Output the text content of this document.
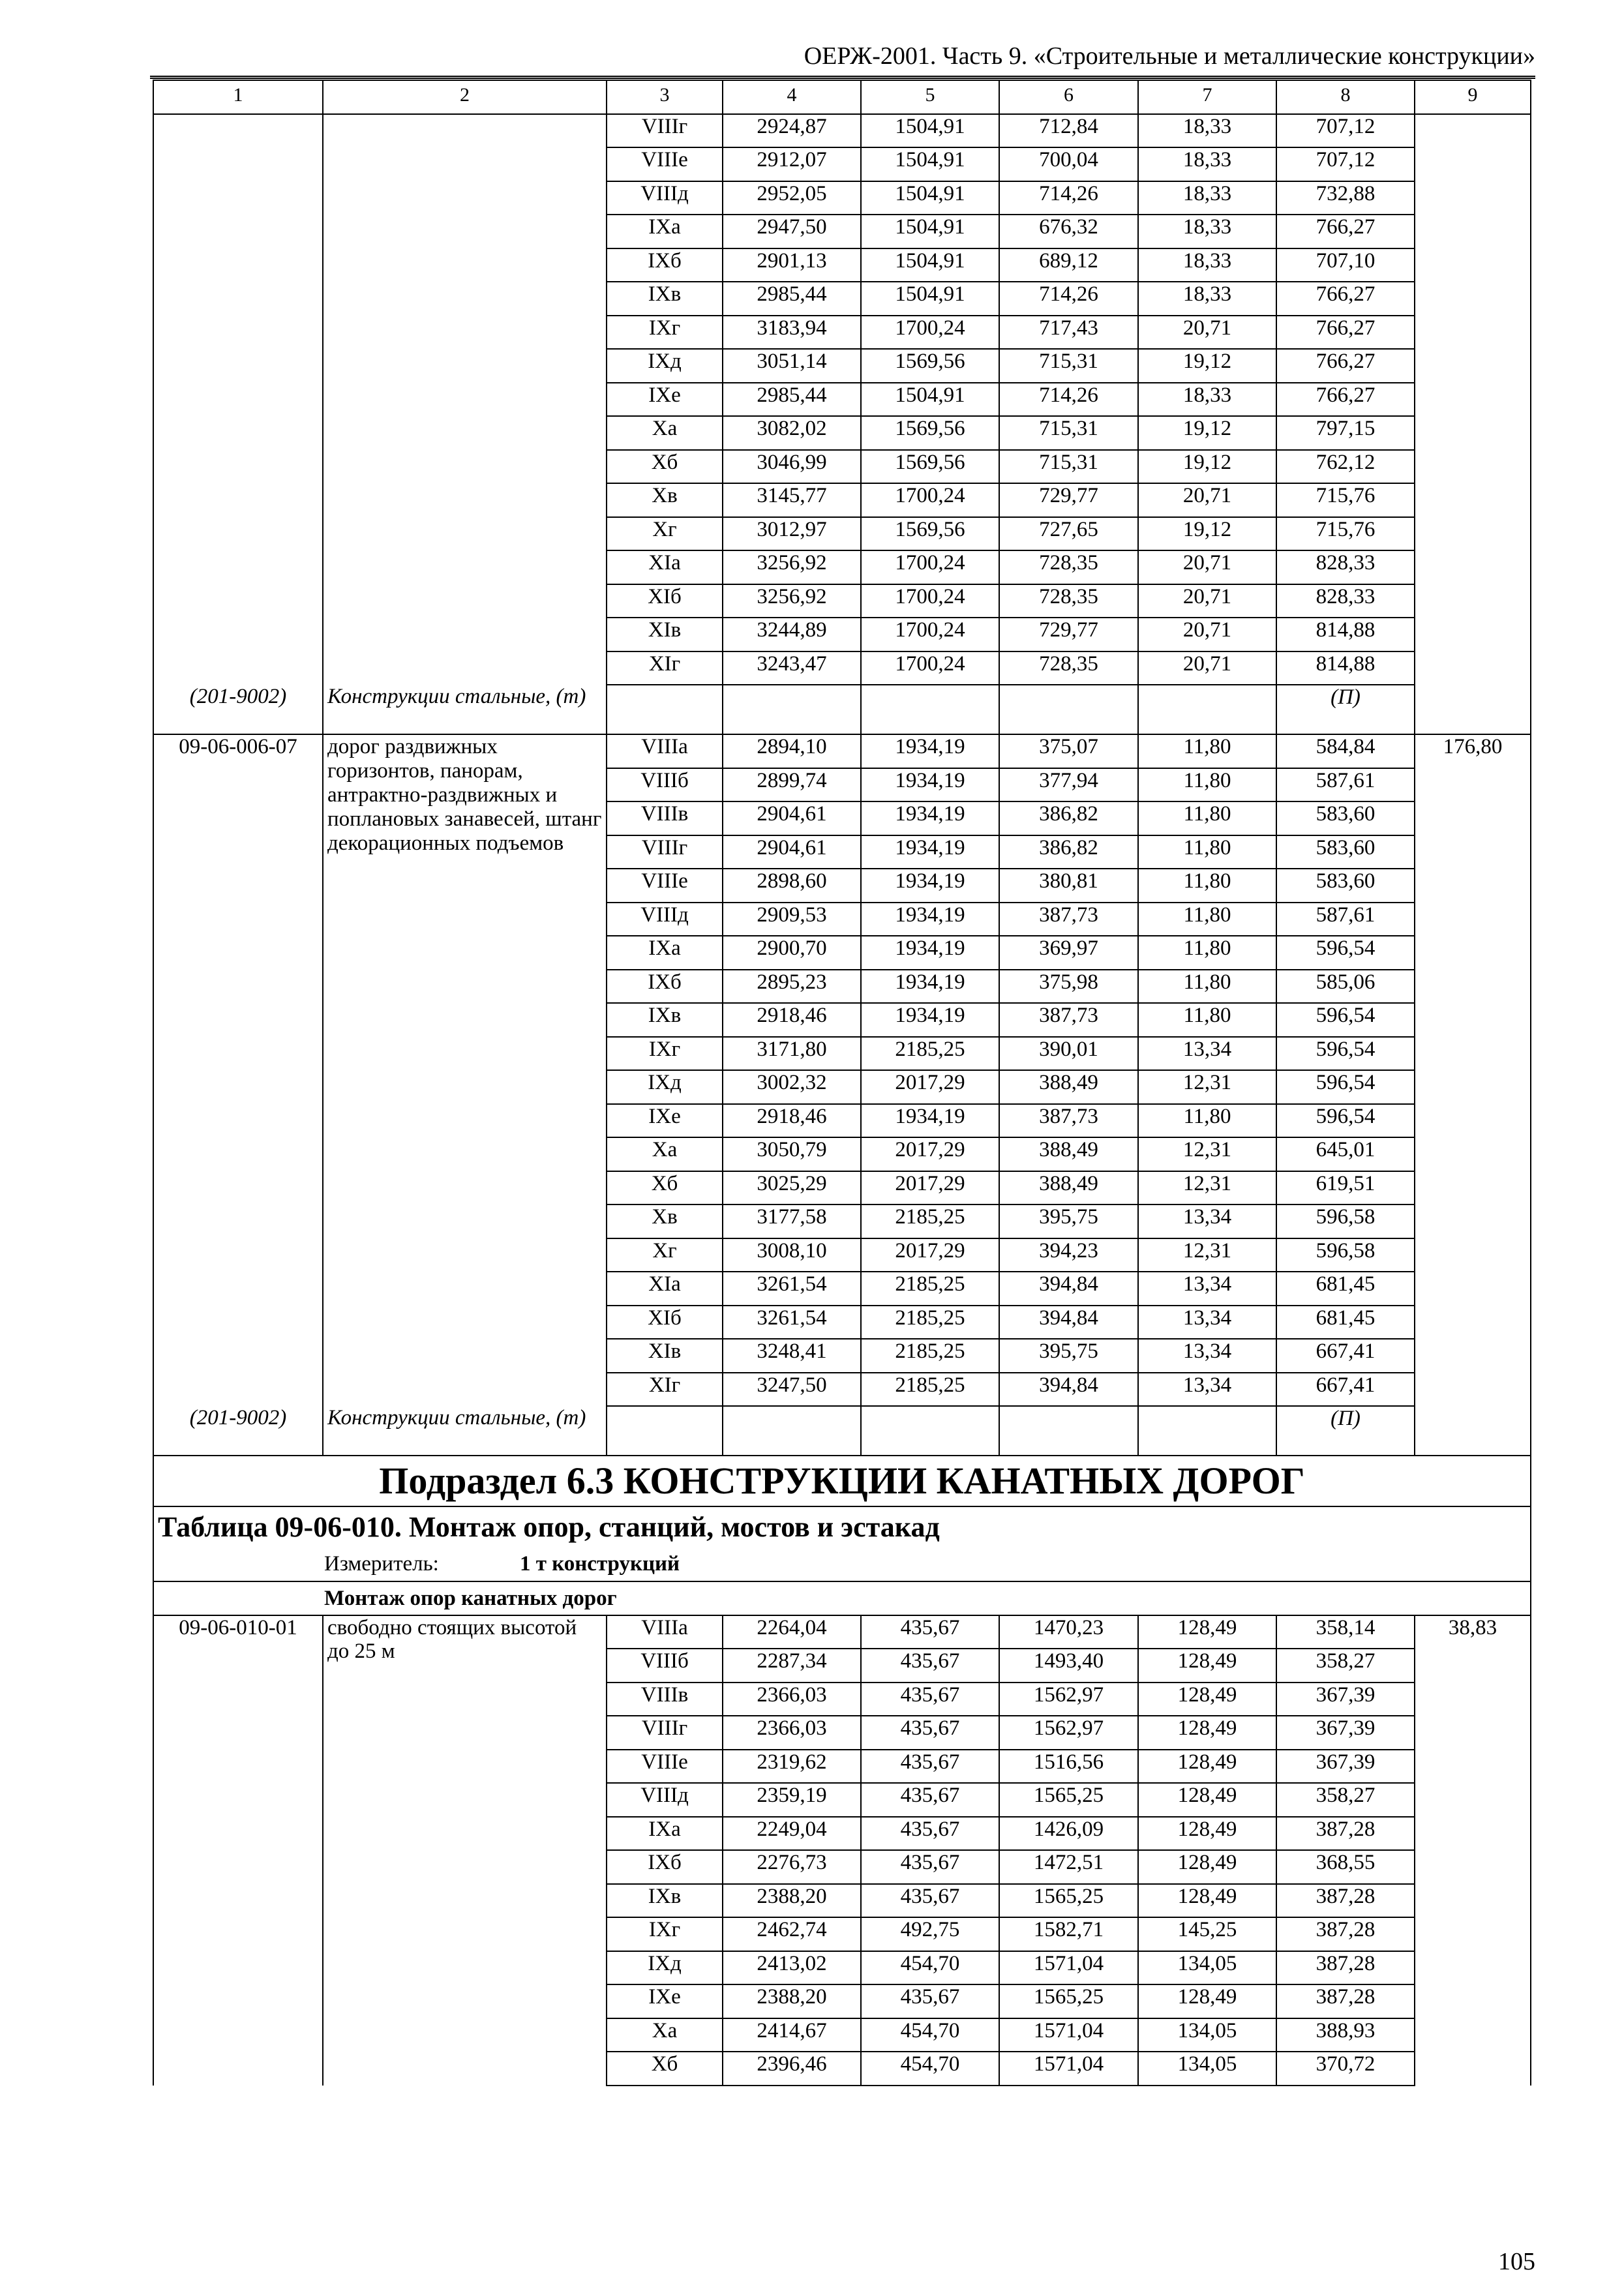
ОЕРЖ-2001. Часть 9. «Строительные и металлические конструкции»
1	2	3	4	5	6	7	8	9
		VIIIг	2924,87	1504,91	712,84	18,33	707,12	
		VIIIе	2912,07	1504,91	700,04	18,33	707,12	
		VIIIд	2952,05	1504,91	714,26	18,33	732,88	
		IXа	2947,50	1504,91	676,32	18,33	766,27	
		IXб	2901,13	1504,91	689,12	18,33	707,10	
		IXв	2985,44	1504,91	714,26	18,33	766,27	
		IXг	3183,94	1700,24	717,43	20,71	766,27	
		IXд	3051,14	1569,56	715,31	19,12	766,27	
		IXе	2985,44	1504,91	714,26	18,33	766,27	
		Xа	3082,02	1569,56	715,31	19,12	797,15	
		Xб	3046,99	1569,56	715,31	19,12	762,12	
		Xв	3145,77	1700,24	729,77	20,71	715,76	
		Xг	3012,97	1569,56	727,65	19,12	715,76	
		XIа	3256,92	1700,24	728,35	20,71	828,33	
		XIб	3256,92	1700,24	728,35	20,71	828,33	
		XIв	3244,89	1700,24	729,77	20,71	814,88	
		XIг	3243,47	1700,24	728,35	20,71	814,88	
(201-9002)	Конструкции стальные, (т)						(П)	
09-06-006-07	дорог раздвижных горизонтов, панорам, антрактно-раздвижных и поплановых занавесей, штанг декорационных подъемов	VIIIа	2894,10	1934,19	375,07	11,80	584,84	176,80
		VIIIб	2899,74	1934,19	377,94	11,80	587,61	
		VIIIв	2904,61	1934,19	386,82	11,80	583,60	
		VIIIг	2904,61	1934,19	386,82	11,80	583,60	
		VIIIе	2898,60	1934,19	380,81	11,80	583,60	
		VIIIд	2909,53	1934,19	387,73	11,80	587,61	
		IXа	2900,70	1934,19	369,97	11,80	596,54	
		IXб	2895,23	1934,19	375,98	11,80	585,06	
		IXв	2918,46	1934,19	387,73	11,80	596,54	
		IXг	3171,80	2185,25	390,01	13,34	596,54	
		IXд	3002,32	2017,29	388,49	12,31	596,54	
		IXе	2918,46	1934,19	387,73	11,80	596,54	
		Xа	3050,79	2017,29	388,49	12,31	645,01	
		Xб	3025,29	2017,29	388,49	12,31	619,51	
		Xв	3177,58	2185,25	395,75	13,34	596,58	
		Xг	3008,10	2017,29	394,23	12,31	596,58	
		XIа	3261,54	2185,25	394,84	13,34	681,45	
		XIб	3261,54	2185,25	394,84	13,34	681,45	
		XIв	3248,41	2185,25	395,75	13,34	667,41	
		XIг	3247,50	2185,25	394,84	13,34	667,41	
(201-9002)	Конструкции стальные, (т)						(П)	
Подраздел 6.3 КОНСТРУКЦИИ КАНАТНЫХ ДОРОГ								
Таблица 09-06-010. Монтаж опор, станций, мостов и эстакад								
Измеритель: 1 т конструкций								
Монтаж опор канатных дорог								
09-06-010-01	свободно стоящих высотой до 25 м	VIIIа	2264,04	435,67	1470,23	128,49	358,14	38,83
		VIIIб	2287,34	435,67	1493,40	128,49	358,27	
		VIIIв	2366,03	435,67	1562,97	128,49	367,39	
		VIIIг	2366,03	435,67	1562,97	128,49	367,39	
		VIIIе	2319,62	435,67	1516,56	128,49	367,39	
		VIIIд	2359,19	435,67	1565,25	128,49	358,27	
		IXа	2249,04	435,67	1426,09	128,49	387,28	
		IXб	2276,73	435,67	1472,51	128,49	368,55	
		IXв	2388,20	435,67	1565,25	128,49	387,28	
		IXг	2462,74	492,75	1582,71	145,25	387,28	
		IXд	2413,02	454,70	1571,04	134,05	387,28	
		IXе	2388,20	435,67	1565,25	128,49	387,28	
		Xа	2414,67	454,70	1571,04	134,05	388,93	
		Xб	2396,46	454,70	1571,04	134,05	370,72	
105
